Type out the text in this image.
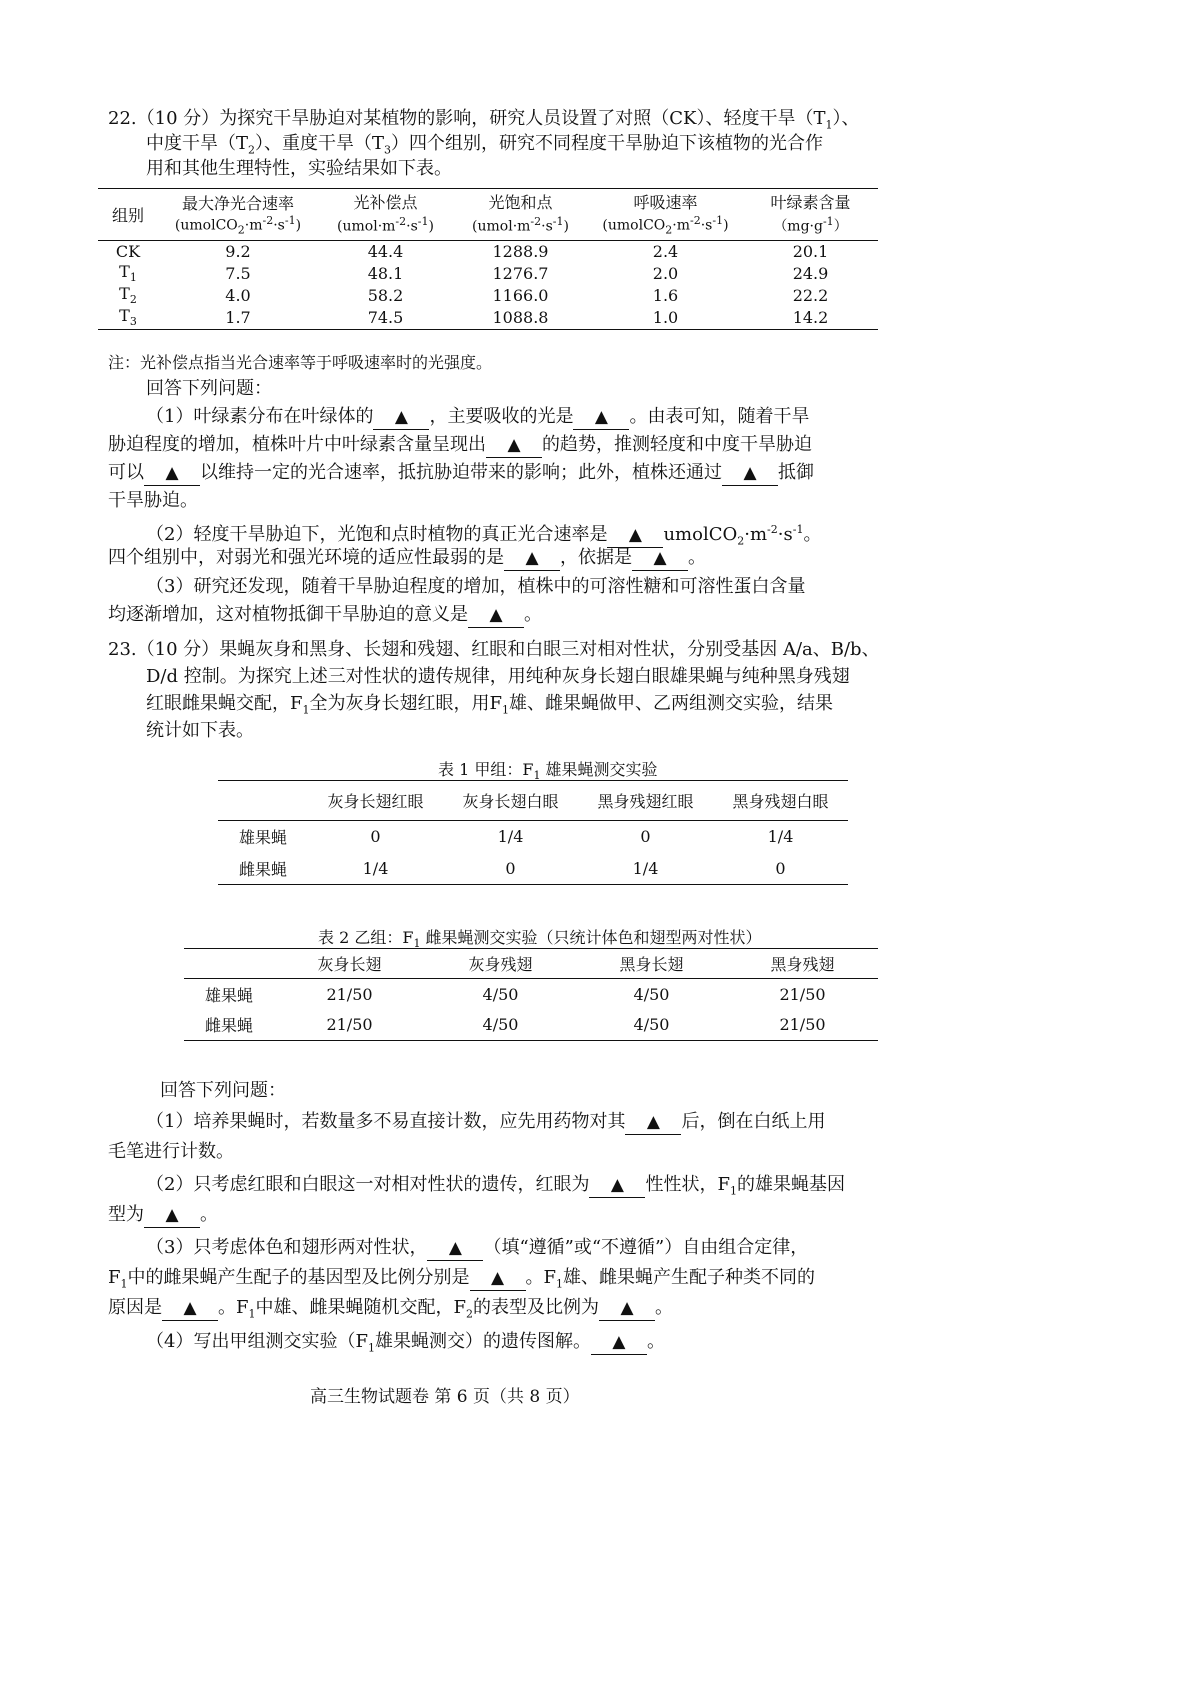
22.（10 分）为探究干旱胁迫对某植物的影响，研究人员设置了对照（CK）、轻度干旱$(T_1)$、
中度干旱$(T_2)$、重度干旱$(T_3)$四个组别，研究不同程度干旱胁迫下该植物的光合作
用和其他生理特性，实验结果如下表。
组别	最大净光合速率	光补偿点	光饱和点	呼吸速率	叶绿素含量
	$(umolCO_2\cdot m^{-2}\cdot s^{-1})$	$(umol\cdot m^{-2}\cdot s^{-1})$	$(umol\cdot m^{-2}\cdot s^{-1})$	$(umolCO_2\cdot m^{-2}\cdot s^{-1})$	$(mg\cdot g^{-1})$
CK	9.2	44.4	1288.9	2.4	20.1
$T_1$	7.5	48.1	1276.7	2.0	24.9
$T_2$	4.0	58.2	1166.0	1.6	22.2
$T_3$	1.7	74.5	1088.8	1.0	14.2
注：光补偿点指当光合速率等于呼吸速率时的光强度。
回答下列问题：
（1）叶绿素分布在叶绿体的 ▲ ，主要吸收的光是 ▲ 。由表可知，随着干旱
胁迫程度的增加，植株叶片中叶绿素含量呈现出 ▲ 的趋势，推测轻度和中度干旱胁迫
可以 ▲ 以维持一定的光合速率，抵抗胁迫带来的影响；此外，植株还通过 ▲ 抵御
干旱胁迫。
（2）轻度干旱胁迫下，光饱和点时植物的真正光合速率是 ▲ $umolCO_2\cdot m^{-2}\cdot s^{-1}$。
四个组别中，对弱光和强光环境的适应性最弱的是 ▲ ，依据是 ▲ 。
（3）研究还发现，随着干旱胁迫程度的增加，植株中的可溶性糖和可溶性蛋白含量
均逐渐增加，这对植物抵御干旱胁迫的意义是 ▲ 。
23.（10 分）果蝇灰身和黑身、长翅和残翅、红眼和白眼三对相对性状，分别受基因 A/a、B/b、
D/d 控制。为探究上述三对性状的遗传规律，用纯种灰身长翅白眼雄果蝇与纯种黑身残翅
红眼雌果蝇交配，$F_1$全为灰身长翅红眼，用$F_1$雄、雌果蝇做甲、乙两组测交实验，结果
统计如下表。
表 1 甲组：$F_1$ 雄果蝇测交实验
	灰身长翅红眼	灰身长翅白眼	黑身残翅红眼	黑身残翅白眼
雄果蝇	0	1/4	0	1/4
雌果蝇	1/4	0	1/4	0
表 2 乙组：$F_1$ 雌果蝇测交实验（只统计体色和翅型两对性状）
	灰身长翅	灰身残翅	黑身长翅	黑身残翅
雄果蝇	21/50	4/50	4/50	21/50
雌果蝇	21/50	4/50	4/50	21/50
回答下列问题：
（1）培养果蝇时，若数量多不易直接计数，应先用药物对其 ▲ 后，倒在白纸上用
毛笔进行计数。
（2）只考虑红眼和白眼这一对相对性状的遗传，红眼为 ▲ 性性状，$F_1$的雄果蝇基因
型为 ▲ 。
（3）只考虑体色和翅形两对性状， ▲ （填“遵循”或“不遵循”）自由组合定律，
$F_1$中的雌果蝇产生配子的基因型及比例分别是 ▲ 。$F_1$雄、雌果蝇产生配子种类不同的
原因是 ▲ 。$F_1$中雄、雌果蝇随机交配，$F_2$的表型及比例为 ▲ 。
（4）写出甲组测交实验（$F_1$雄果蝇测交）的遗传图解。 ▲ 。
高三生物试题卷 第 6 页（共 8 页）
